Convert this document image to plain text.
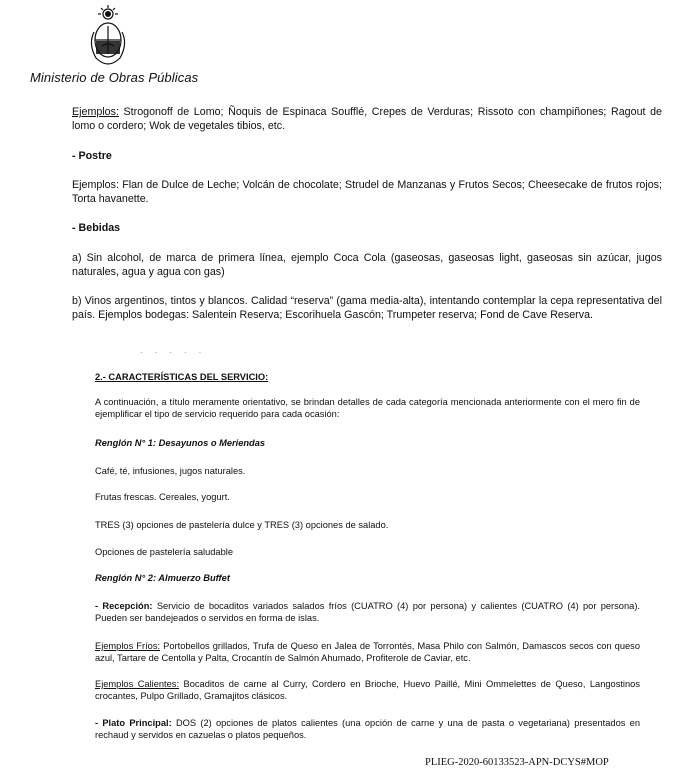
Ministerio de Obras Públicas
Ejemplos: Strogonoff de Lomo; Ñoquis de Espinaca Soufflé, Crepes de Verduras; Rissoto con champiñones; Ragout de lomo o cordero; Wok de vegetales tibios, etc.
- Postre
Ejemplos: Flan de Dulce de Leche; Volcán de chocolate; Strudel de Manzanas y Frutos Secos; Cheesecake de frutos rojos; Torta havanette.
- Bebidas
a) Sin alcohol, de marca de primera línea, ejemplo Coca Cola (gaseosas, gaseosas light, gaseosas sin azúcar, jugos naturales, agua y agua con gas)
b) Vinos argentinos, tintos y blancos. Calidad “reserva” (gama media-alta), intentando contemplar la cepa representativa del país. Ejemplos bodegas: Salentein Reserva; Escorihuela Gascón; Trumpeter reserva; Fond de Cave Reserva.
·····
2.- CARACTERÍSTICAS DEL SERVICIO:
A continuación, a título meramente orientativo, se brindan detalles de cada categoría mencionada anteriormente con el mero fin de ejemplificar el tipo de servicio requerido para cada ocasión:
Renglón N° 1: Desayunos o Meriendas
Café, té, infusiones, jugos naturales.
Frutas frescas. Cereales, yogurt.
TRES (3) opciones de pastelería dulce y TRES (3) opciones de salado.
Opciones de pastelería saludable
Renglón N° 2: Almuerzo Buffet
- Recepción: Servicio de bocaditos variados salados fríos (CUATRO (4) por persona) y calientes (CUATRO (4) por persona). Pueden ser bandejeados o servidos en forma de islas.
Ejemplos Fríos: Portobellos grillados, Trufa de Queso en Jalea de Torrontés, Masa Philo con Salmón, Damascos secos con queso azul, Tartare de Centolla y Palta, Crocantín de Salmón Ahumado, Profiterole de Caviar, etc.
Ejemplos Calientes: Bocaditos de carne al Curry, Cordero en Brioche, Huevo Paillé, Mini Ommelettes de Queso, Langostinos crocantes, Pulpo Grillado, Gramajitos clásicos.
- Plato Principal: DOS (2) opciones de platos calientes (una opción de carne y una de pasta o vegetariana) presentados en rechaud y servidos en cazuelas o platos pequeños.
PLIEG-2020-60133523-APN-DCYS#MOP
